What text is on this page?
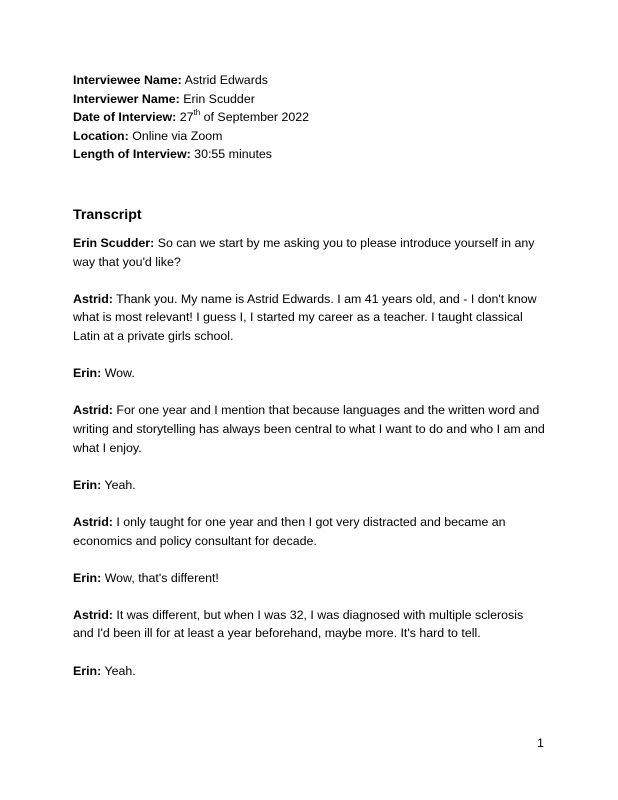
Interviewee Name: Astrid Edwards
Interviewer Name: Erin Scudder
Date of Interview: 27th of September 2022
Location: Online via Zoom
Length of Interview: 30:55 minutes
Transcript

Erin Scudder: So can we start by me asking you to please introduce yourself in any way that you'd like?

Astrid: Thank you. My name is Astrid Edwards. I am 41 years old, and - I don't know what is most relevant! I guess I, I started my career as a teacher. I taught classical Latin at a private girls school.

Erin: Wow.

Astrid: For one year and I mention that because languages and the written word and writing and storytelling has always been central to what I want to do and who I am and what I enjoy.

Erin: Yeah.

Astrid: I only taught for one year and then I got very distracted and became an economics and policy consultant for decade.

Erin: Wow, that's different!

Astrid: It was different, but when I was 32, I was diagnosed with multiple sclerosis and I'd been ill for at least a year beforehand, maybe more. It's hard to tell.

Erin: Yeah.

1
